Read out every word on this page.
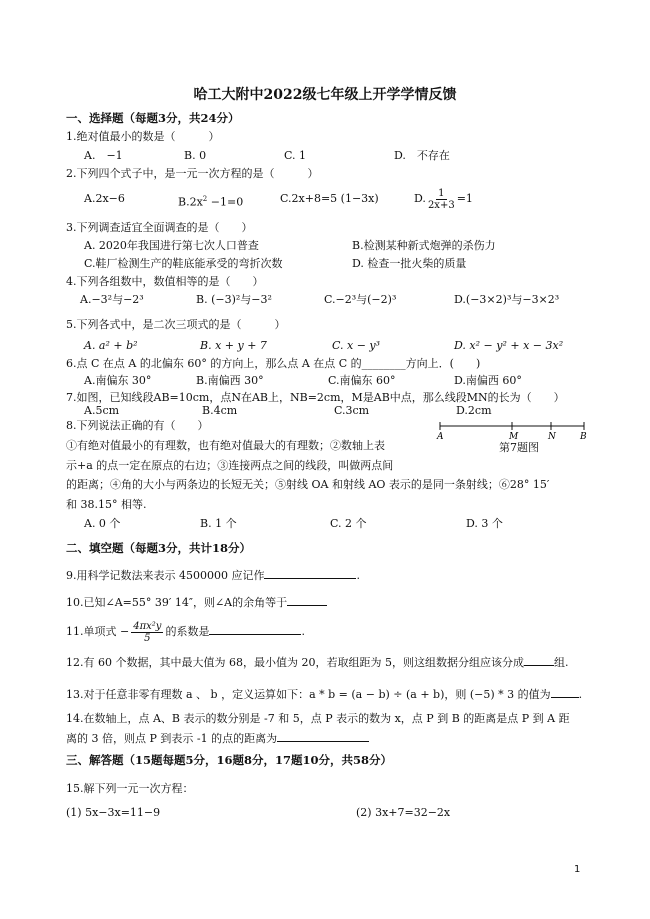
哈工大附中2022级七年级上开学学情反馈
一、选择题（每题3分，共24分）
1.绝对值最小的数是（　　　）
A.　−1	B. 0	C. 1	D.　不存在
2.下列四个式子中，是一元一次方程的是（　　　）
A.2x−6	$B.2x^2 -1=0$	C.2x+8=5 (1−3x)	D. $\frac{1}{2x+3} =1$
3.下列调查适宜全面调查的是（　　）
A. 2020年我国进行第七次人口普查	B.检测某种新式炮弹的杀伤力
C.鞋厂检测生产的鞋底能承受的弯折次数	D. 检查一批火柴的质量
4.下列各组数中，数值相等的是（　　）
A.−3²与−2³	B. (−3)²与−3²	C.−2³与(−2)³	D.(−3×2)³与−3×2³
5.下列各式中，是二次三项式的是（　　　）
A. a² + b²	B. x + y + 7	C. x − y³	D. x² − y² + x − 3x²
6.点 C 在点 A 的北偏东 60° 的方向上，那么点 A 在点 C 的________方向上．(　　)
A.南偏东 30°	B.南偏西 30°	C.南偏东 60°	D.南偏西 60°
7.如图，已知线段AB=10cm，点N在AB上，NB=2cm，M是AB中点，那么线段MN的长为（　　）
A.5cm	B.4cm	C.3cm	D.2cm
A	M	N	B
第7题图
8.下列说法正确的有（　　）
①有绝对值最小的有理数，也有绝对值最大的有理数；②数轴上表
示+a 的点一定在原点的右边；③连接两点之间的线段，叫做两点间
的距离；④角的大小与两条边的长短无关；⑤射线 OA 和射线 AO 表示的是同一条射线；⑥28° 15′
和 38.15° 相等.
A. 0 个	B. 1 个	C. 2 个	D. 3 个
二、填空题（每题3分，共计18分）
9.用科学记数法来表示 4500000 应记作	.
10.已知∠A=55° 39′ 14″，则∠A的余角等于
11.单项式 − $\frac{\text{4πx²y}}{5}$ 的系数是	.
12.有 60 个数据，其中最大值为 68，最小值为 20，若取组距为 5，则这组数据分组应该分成	组.
13.对于任意非零有理数 a 、 b ，定义运算如下：a * b = (a − b) ÷ (a + b)，则 (−5) * 3 的值为	.
14.在数轴上，点 A、B 表示的数分别是 -7 和 5，点 P 表示的数为 x，点 P 到 B 的距离是点 P 到 A 距
离的 3 倍，则点 P 到表示 -1 的点的距离为
三、解答题（15题每题5分，16题8分，17题10分，共58分）
15.解下列一元一次方程：
(1) 5x−3x=11−9	(2) 3x+7=32−2x
1
